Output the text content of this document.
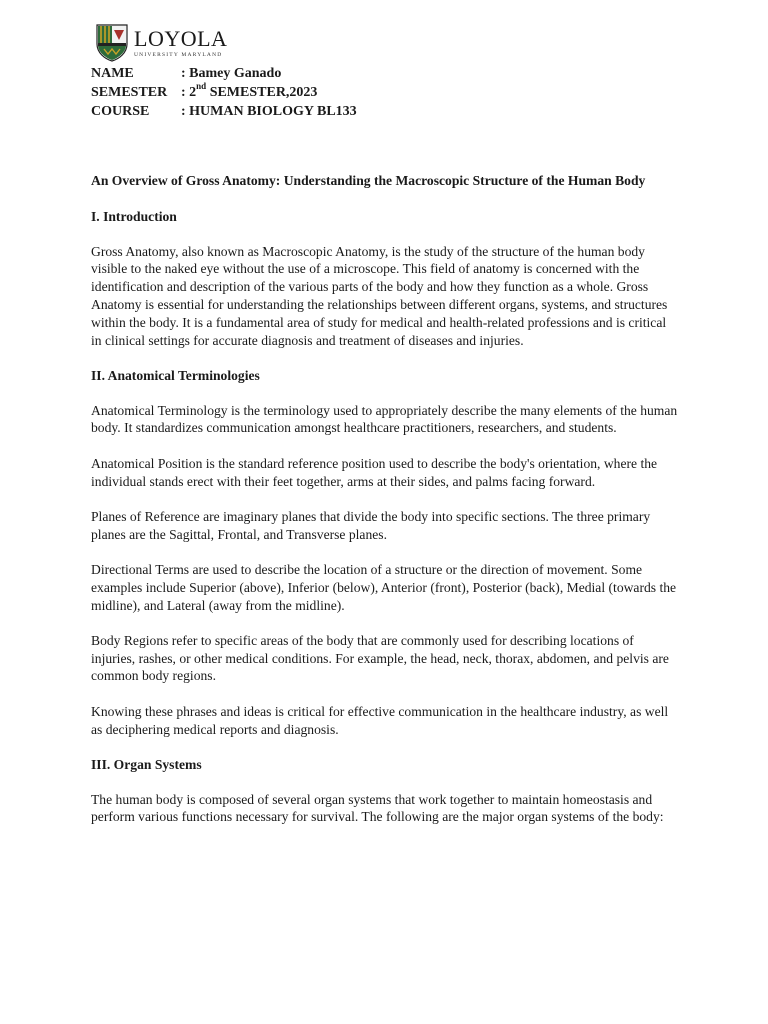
LOYOLA
UNIVERSITY MARYLAND
NAME	: Bamey Ganado
SEMESTER : 2nd SEMESTER,2023
COURSE	: HUMAN BIOLOGY BL133
An Overview of Gross Anatomy: Understanding the Macroscopic Structure of the Human Body
I. Introduction

Gross Anatomy, also known as Macroscopic Anatomy, is the study of the structure of the human body visible to the naked eye without the use of a microscope. This field of anatomy is concerned with the identification and description of the various parts of the body and how they function as a whole. Gross Anatomy is essential for understanding the relationships between different organs, systems, and structures within the body. It is a fundamental area of study for medical and health-related professions and is critical in clinical settings for accurate diagnosis and treatment of diseases and injuries.

II. Anatomical Terminologies

Anatomical Terminology is the terminology used to appropriately describe the many elements of the human body. It standardizes communication amongst healthcare practitioners, researchers, and students.

Anatomical Position is the standard reference position used to describe the body's orientation, where the individual stands erect with their feet together, arms at their sides, and palms facing forward.

Planes of Reference are imaginary planes that divide the body into specific sections. The three primary planes are the Sagittal, Frontal, and Transverse planes.

Directional Terms are used to describe the location of a structure or the direction of movement. Some examples include Superior (above), Inferior (below), Anterior (front), Posterior (back), Medial (towards the midline), and Lateral (away from the midline).

Body Regions refer to specific areas of the body that are commonly used for describing locations of injuries, rashes, or other medical conditions. For example, the head, neck, thorax, abdomen, and pelvis are common body regions.

Knowing these phrases and ideas is critical for effective communication in the healthcare industry, as well as deciphering medical reports and diagnosis.

III. Organ Systems

The human body is composed of several organ systems that work together to maintain homeostasis and perform various functions necessary for survival. The following are the major organ systems of the body:
